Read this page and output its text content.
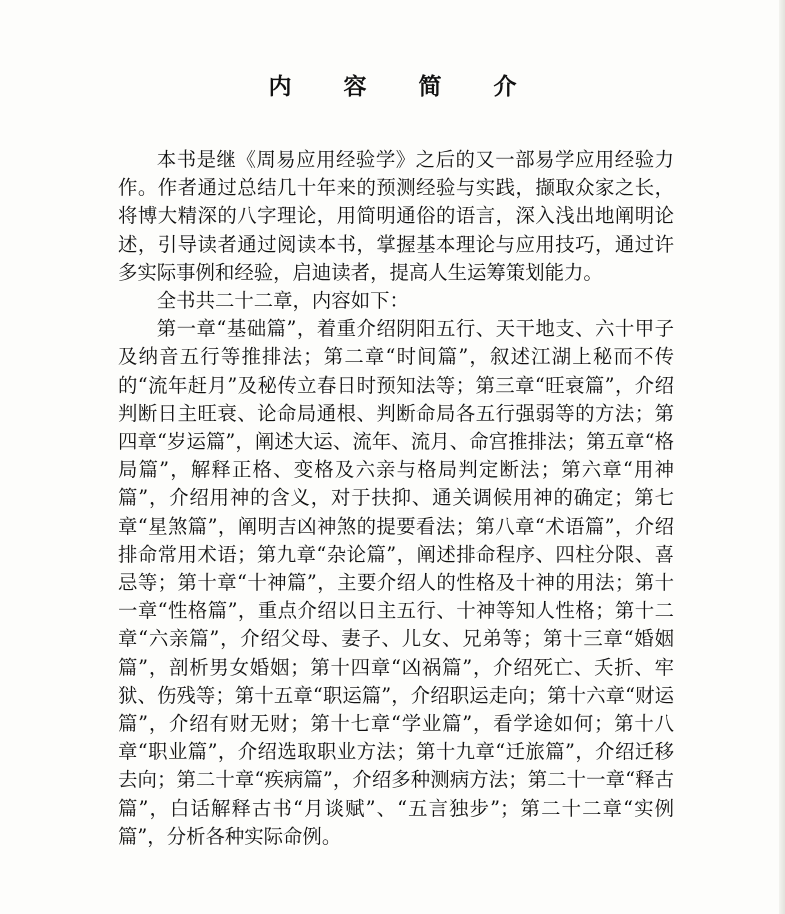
内 容 简 介

本书是继《周易应用经验学》之后的又一部易学应用经验力作。作者通过总结几十年来的预测经验与实践，撷取众家之长，将博大精深的八字理论，用简明通俗的语言，深入浅出地阐明论述，引导读者通过阅读本书，掌握基本理论与应用技巧，通过许多实际事例和经验，启迪读者，提高人生运筹策划能力。

全书共二十二章，内容如下：

第一章“基础篇”，着重介绍阴阳五行、天干地支、六十甲子及纳音五行等推排法；第二章“时间篇”，叙述江湖上秘而不传的“流年赶月”及秘传立春日时预知法等；第三章“旺衰篇”，介绍判断日主旺衰、论命局通根、判断命局各五行强弱等的方法；第四章“岁运篇”，阐述大运、流年、流月、命宫推排法；第五章“格局篇”，解释正格、变格及六亲与格局判定断法；第六章“用神篇”，介绍用神的含义，对于扶抑、通关调候用神的确定；第七章“星煞篇”，阐明吉凶神煞的提要看法；第八章“术语篇”，介绍排命常用术语；第九章“杂论篇”，阐述排命程序、四柱分限、喜忌等；第十章“十神篇”，主要介绍人的性格及十神的用法；第十一章“性格篇”，重点介绍以日主五行、十神等知人性格；第十二章“六亲篇”，介绍父母、妻子、儿女、兄弟等；第十三章“婚姻篇”，剖析男女婚姻；第十四章“凶祸篇”，介绍死亡、夭折、牢狱、伤残等；第十五章“职运篇”，介绍职运走向；第十六章“财运篇”，介绍有财无财；第十七章“学业篇”，看学途如何；第十八章“职业篇”，介绍选取职业方法；第十九章“迁旅篇”，介绍迁移去向；第二十章“疾病篇”，介绍多种测病方法；第二十一章“释古篇”，白话解释古书“月谈赋”、“五言独步”；第二十二章“实例篇”，分析各种实际命例。
